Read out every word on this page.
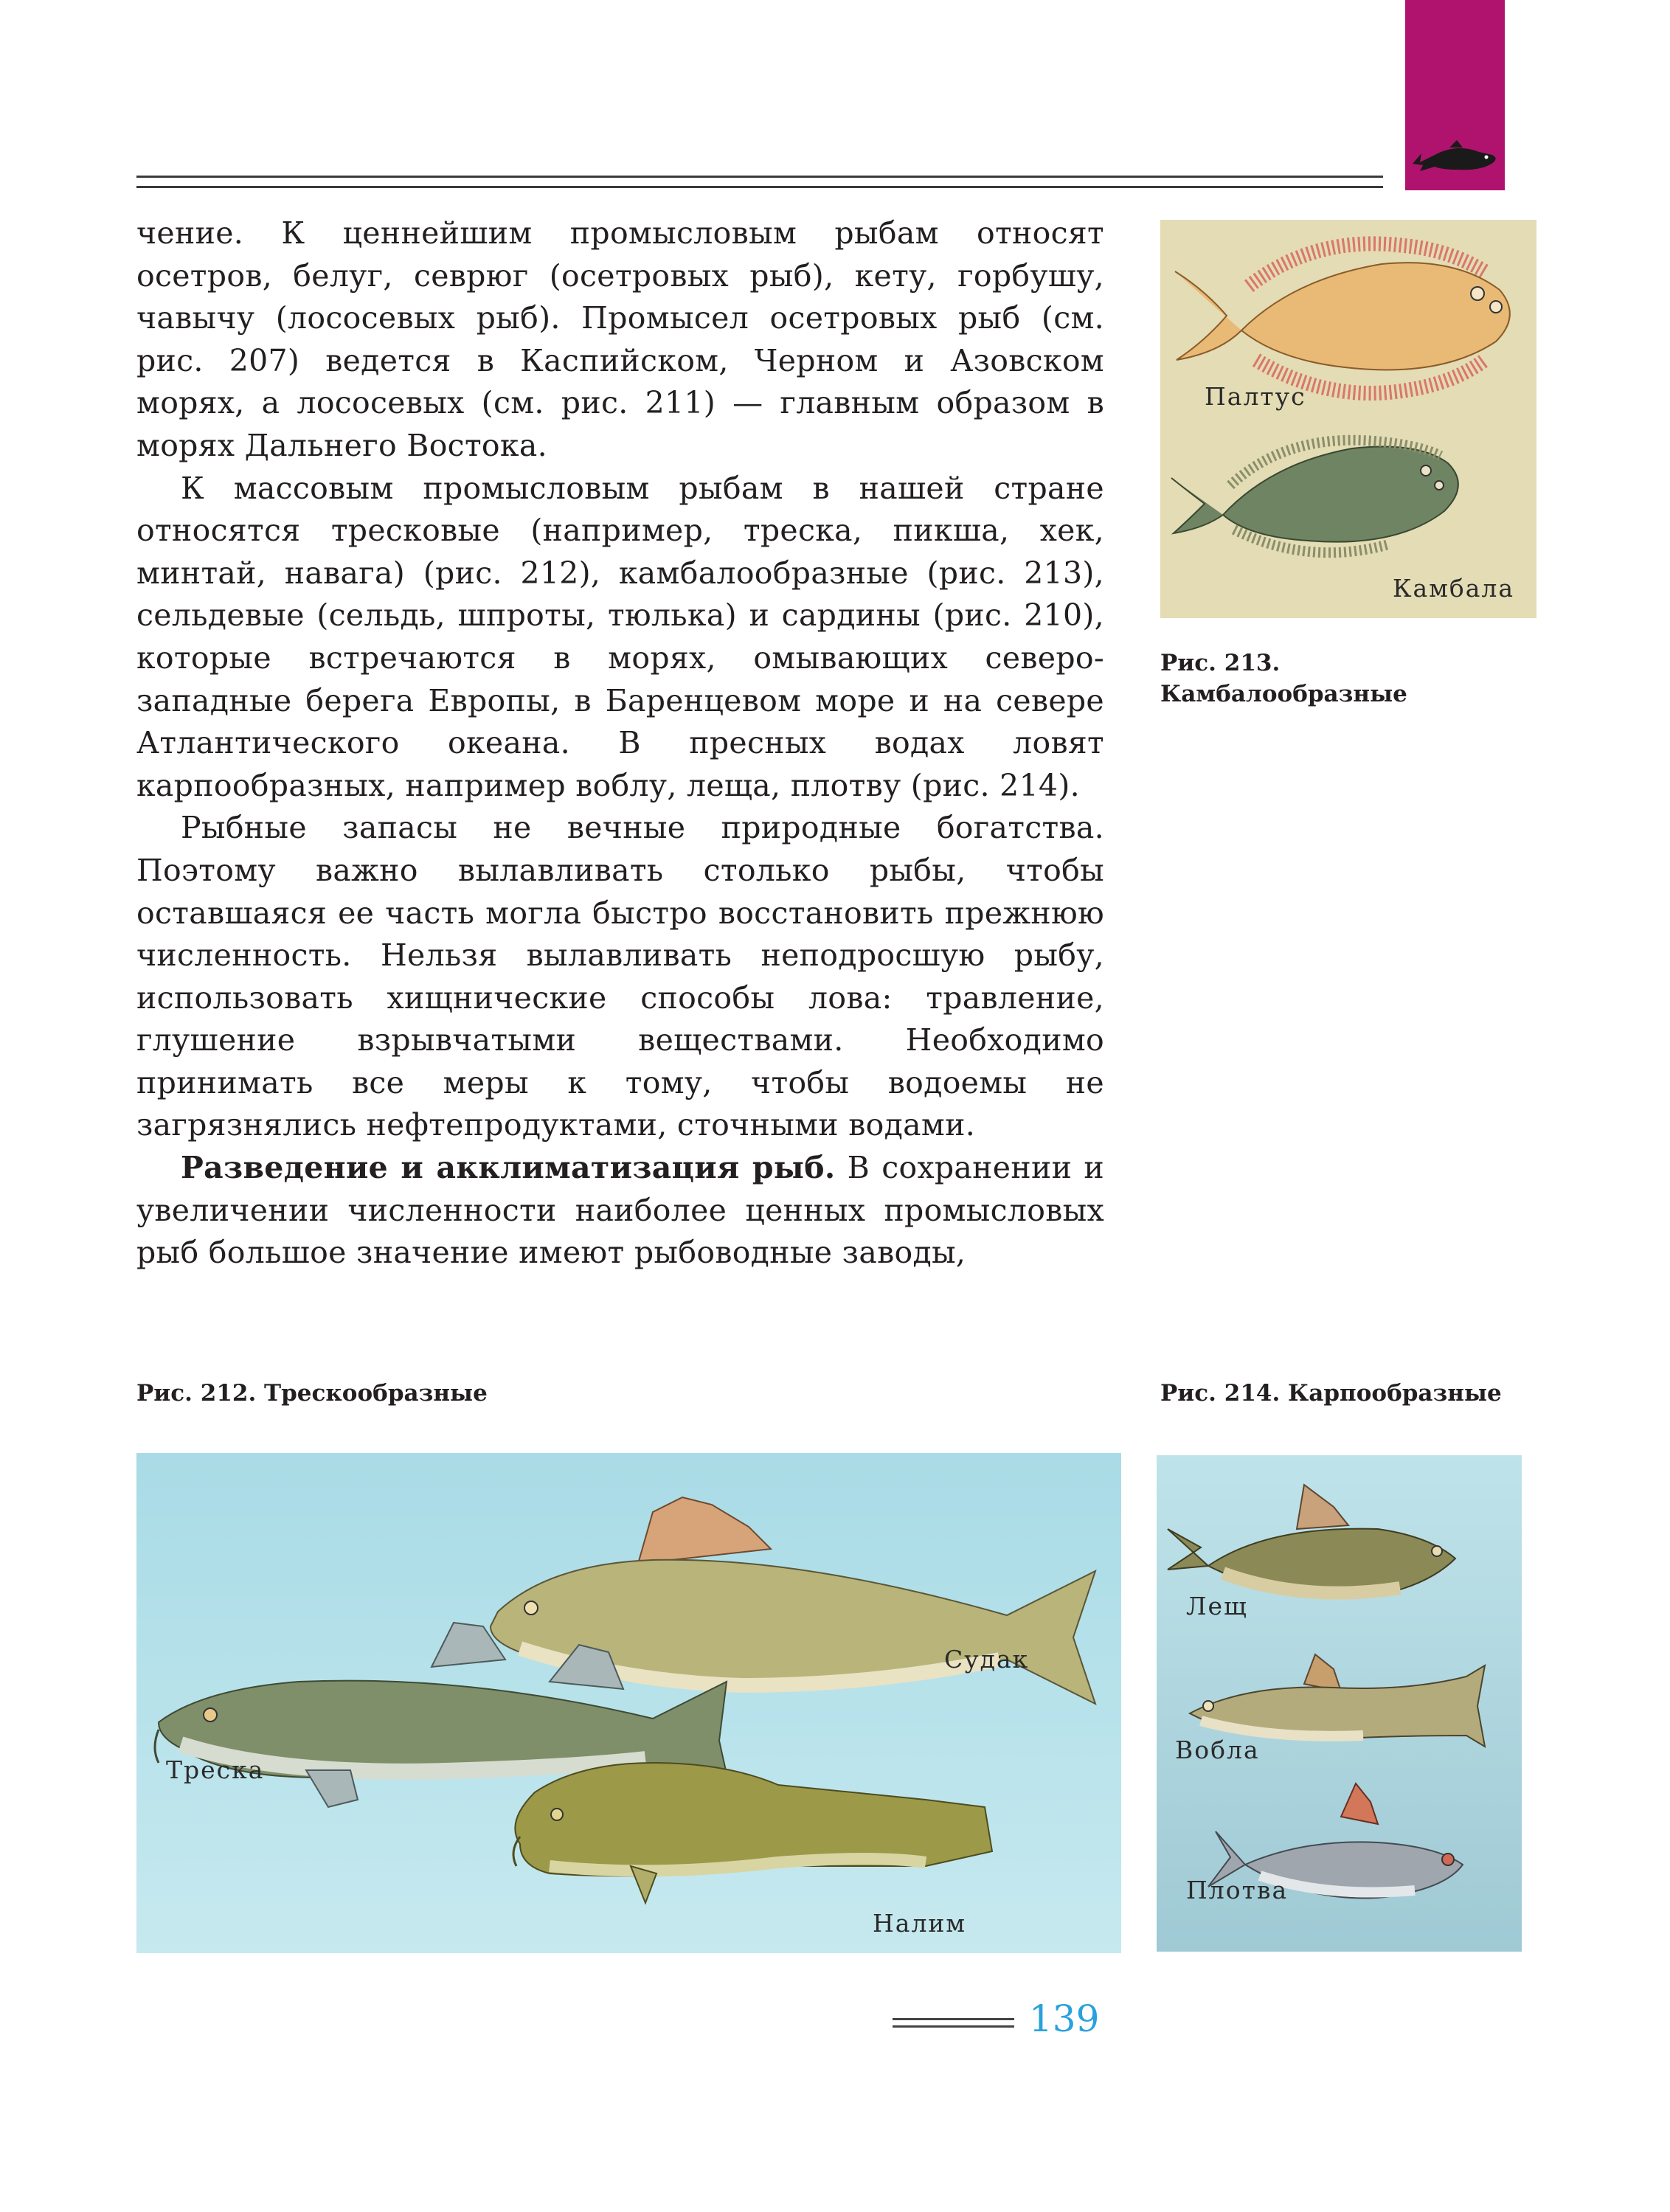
чение. К ценнейшим промысловым рыбам относят осетров, белуг, севрюг (осетровых рыб), кету, горбушу, чавычу (лососевых рыб). Промысел осетровых рыб (см. рис. 207) ведется в Каспийском, Черном и Азовском морях, а лососевых (см. рис. 211) — главным образом в морях Дальнего Востока.

К массовым промысловым рыбам в нашей стране относятся тресковые (например, треска, пикша, хек, минтай, навага) (рис. 212), камбалообразные (рис. 213), сельдевые (сельдь, шпроты, тюлька) и сардины (рис. 210), которые встречаются в морях, омывающих северо-западные берега Европы, в Баренцевом море и на севере Атлантического океана. В пресных водах ловят карпообразных, например воблу, леща, плотву (рис. 214).

Рыбные запасы не вечные природные богатства. Поэтому важно вылавливать столько рыбы, чтобы оставшаяся ее часть могла быстро восстановить прежнюю численность. Нельзя вылавливать неподросшую рыбу, использовать хищнические способы лова: травление, глушение взрывчатыми веществами. Необходимо принимать все меры к тому, чтобы водоемы не загрязнялись нефтепродуктами, сточными водами.

Разведение и акклиматизация рыб. В сохранении и увеличении численности наиболее ценных промысловых рыб большое значение имеют рыбоводные заводы,

Палтус
Камбала
Рис. 213.
Камбалообразные
Рис. 212. Трескообразные	Рис. 214. Карпообразные
Треска
Судак
Налим
Лещ
Вобла
Плотва
139
